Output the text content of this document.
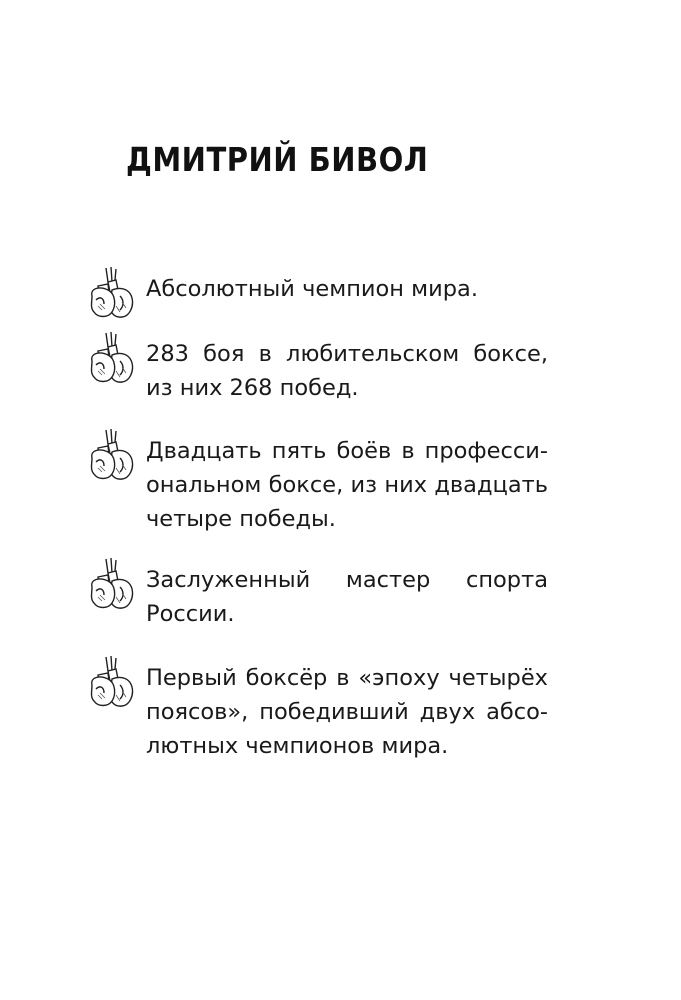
ДМИТРИЙ БИВОЛ
Абсолютный чемпион мира.
283 боя в любительском боксе,
из них 268 побед.
Двадцать пять боёв в професси-
ональном боксе, из них двадцать
четыре победы.
Заслуженный мастер спорта
России.
Первый боксёр в «эпоху четырёх
поясов», победивший двух абсо-
лютных чемпионов мира.
